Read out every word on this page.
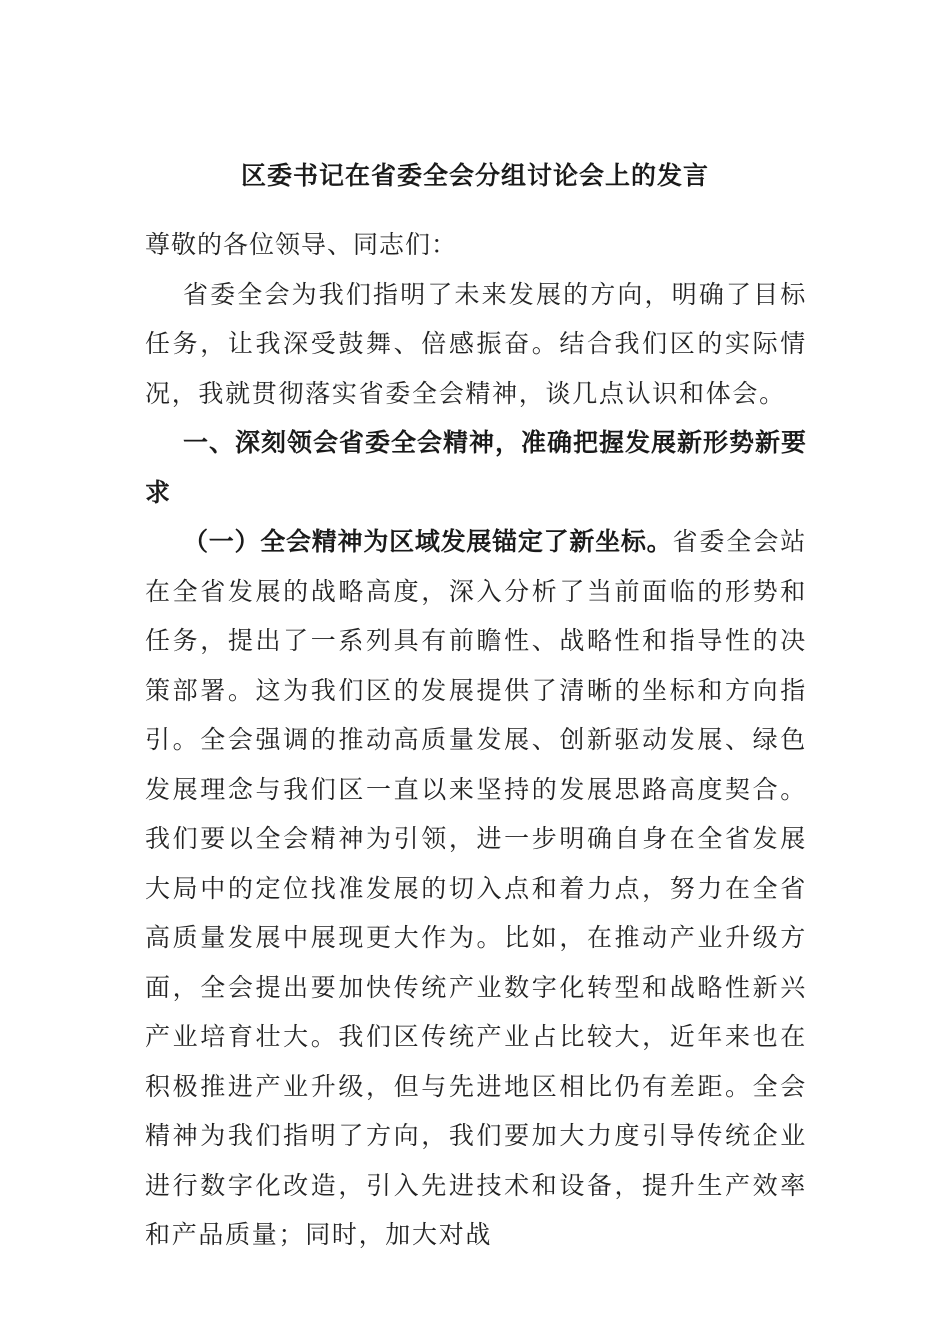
区委书记在省委全会分组讨论会上的发言

尊敬的各位领导、同志们：

省委全会为我们指明了未来发展的方向，明确了目标任务，让我深受鼓舞、倍感振奋。结合我们区的实际情况，我就贯彻落实省委全会精神，谈几点认识和体会。

一、深刻领会省委全会精神，准确把握发展新形势新要求

（一）全会精神为区域发展锚定了新坐标。省委全会站在全省发展的战略高度，深入分析了当前面临的形势和任务，提出了一系列具有前瞻性、战略性和指导性的决策部署。这为我们区的发展提供了清晰的坐标和方向指引。全会强调的推动高质量发展、创新驱动发展、绿色发展理念与我们区一直以来坚持的发展思路高度契合。我们要以全会精神为引领，进一步明确自身在全省发展大局中的定位找准发展的切入点和着力点，努力在全省高质量发展中展现更大作为。比如，在推动产业升级方面，全会提出要加快传统产业数字化转型和战略性新兴产业培育壮大。我们区传统产业占比较大，近年来也在积极推进产业升级，但与先进地区相比仍有差距。全会精神为我们指明了方向，我们要加大力度引导传统企业进行数字化改造，引入先进技术和设备，提升生产效率和产品质量；同时，加大对战
